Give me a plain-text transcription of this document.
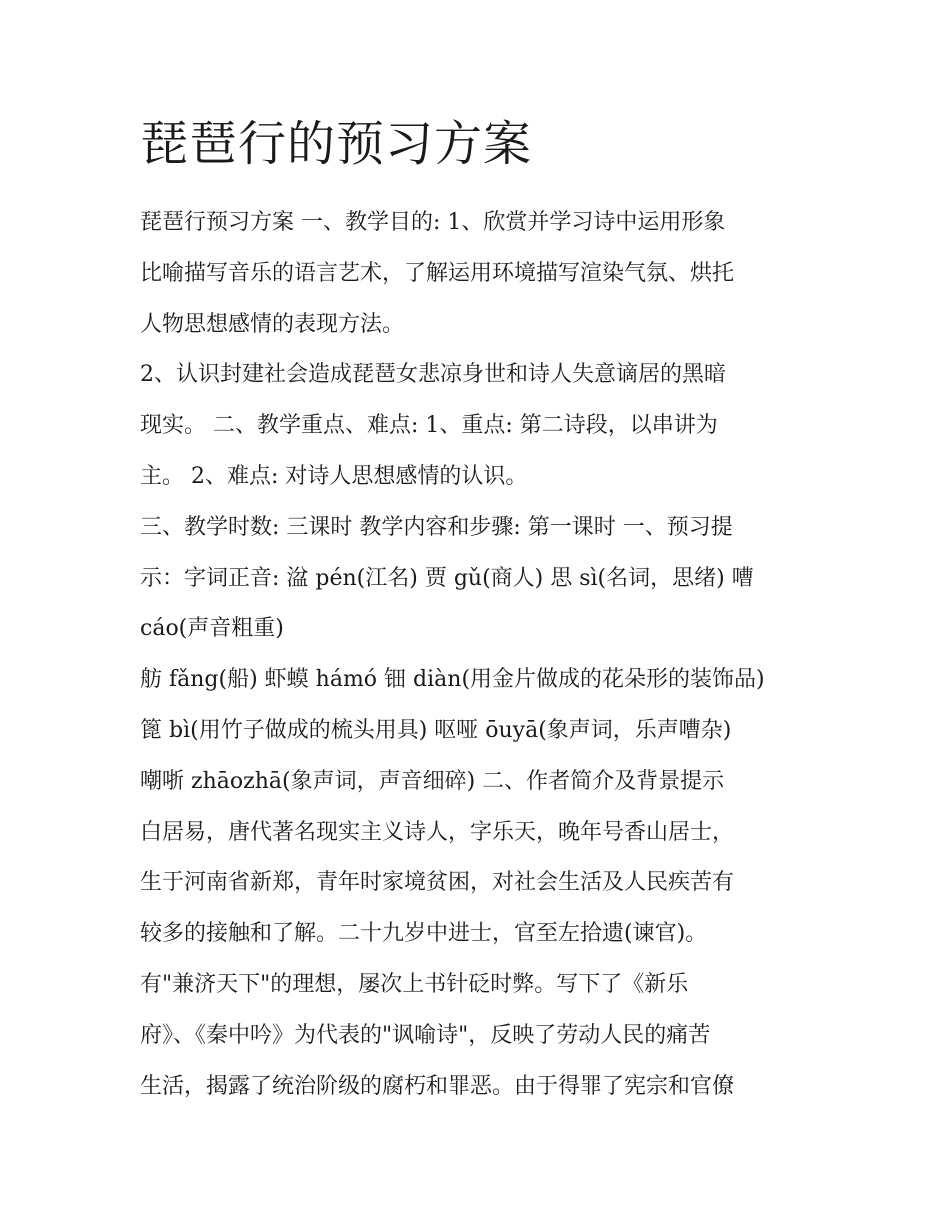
琵琶行的预习方案
琵琶行预习方案 一、教学目的: 1、欣赏并学习诗中运用形象
比喻描写音乐的语言艺术，了解运用环境描写渲染气氛、烘托
人物思想感情的表现方法。
2、认识封建社会造成琵琶女悲凉身世和诗人失意谪居的黑暗
现实。 二、教学重点、难点: 1、重点: 第二诗段，以串讲为
主。 2、难点: 对诗人思想感情的认识。
三、教学时数: 三课时 教学内容和步骤: 第一课时 一、预习提
示：字词正音: 湓 pén(江名) 贾 gǔ(商人) 思 sì(名词，思绪) 嘈
cáo(声音粗重)
舫 fǎng(船) 虾蟆 hámó 钿 diàn(用金片做成的花朵形的装饰品)
篦 bì(用竹子做成的梳头用具) 呕哑 ōuyā(象声词，乐声嘈杂)
嘲哳 zhāozhā(象声词，声音细碎) 二、作者简介及背景提示
白居易，唐代著名现实主义诗人，字乐天，晚年号香山居士，
生于河南省新郑，青年时家境贫困，对社会生活及人民疾苦有
较多的接触和了解。二十九岁中进士，官至左拾遗(谏官)。
有"兼济天下"的理想，屡次上书针砭时弊。写下了《新乐
府》、《秦中吟》为代表的"讽喻诗"，反映了劳动人民的痛苦
生活，揭露了统治阶级的腐朽和罪恶。由于得罪了宪宗和官僚
